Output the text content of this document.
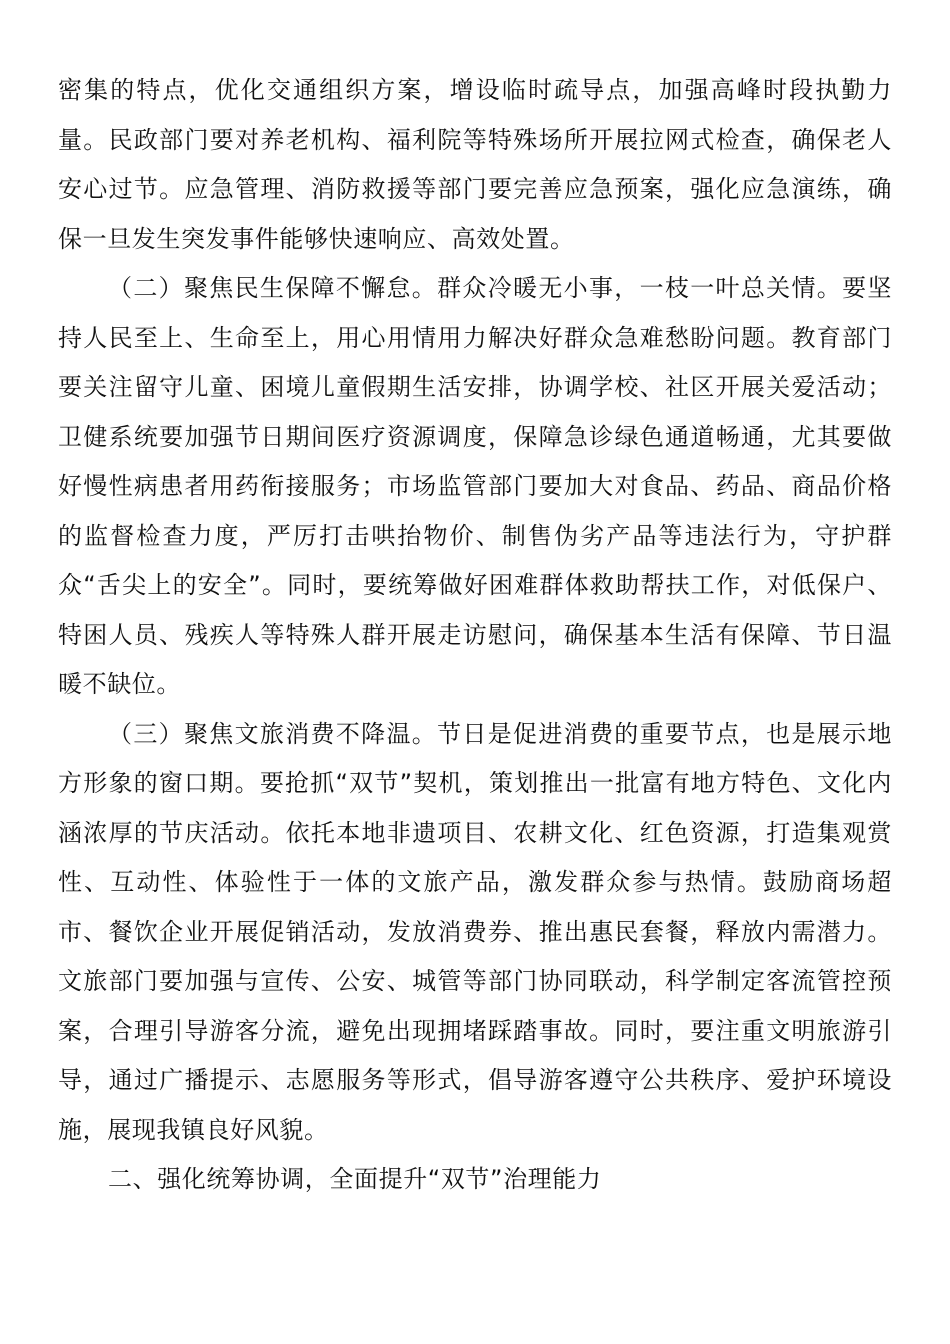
密集的特点，优化交通组织方案，增设临时疏导点，加强高峰时段执勤力量。民政部门要对养老机构、福利院等特殊场所开展拉网式检查，确保老人安心过节。应急管理、消防救援等部门要完善应急预案，强化应急演练，确保一旦发生突发事件能够快速响应、高效处置。

（二）聚焦民生保障不懈怠。群众冷暖无小事，一枝一叶总关情。要坚持人民至上、生命至上，用心用情用力解决好群众急难愁盼问题。教育部门要关注留守儿童、困境儿童假期生活安排，协调学校、社区开展关爱活动；卫健系统要加强节日期间医疗资源调度，保障急诊绿色通道畅通，尤其要做好慢性病患者用药衔接服务；市场监管部门要加大对食品、药品、商品价格的监督检查力度，严厉打击哄抬物价、制售伪劣产品等违法行为，守护群众“舌尖上的安全”。同时，要统筹做好困难群体救助帮扶工作，对低保户、特困人员、残疾人等特殊人群开展走访慰问，确保基本生活有保障、节日温暖不缺位。

（三）聚焦文旅消费不降温。节日是促进消费的重要节点，也是展示地方形象的窗口期。要抢抓“双节”契机，策划推出一批富有地方特色、文化内涵浓厚的节庆活动。依托本地非遗项目、农耕文化、红色资源，打造集观赏性、互动性、体验性于一体的文旅产品，激发群众参与热情。鼓励商场超市、餐饮企业开展促销活动，发放消费券、推出惠民套餐，释放内需潜力。文旅部门要加强与宣传、公安、城管等部门协同联动，科学制定客流管控预案，合理引导游客分流，避免出现拥堵踩踏事故。同时，要注重文明旅游引导，通过广播提示、志愿服务等形式，倡导游客遵守公共秩序、爱护环境设施，展现我镇良好风貌。

二、强化统筹协调，全面提升“双节”治理能力
